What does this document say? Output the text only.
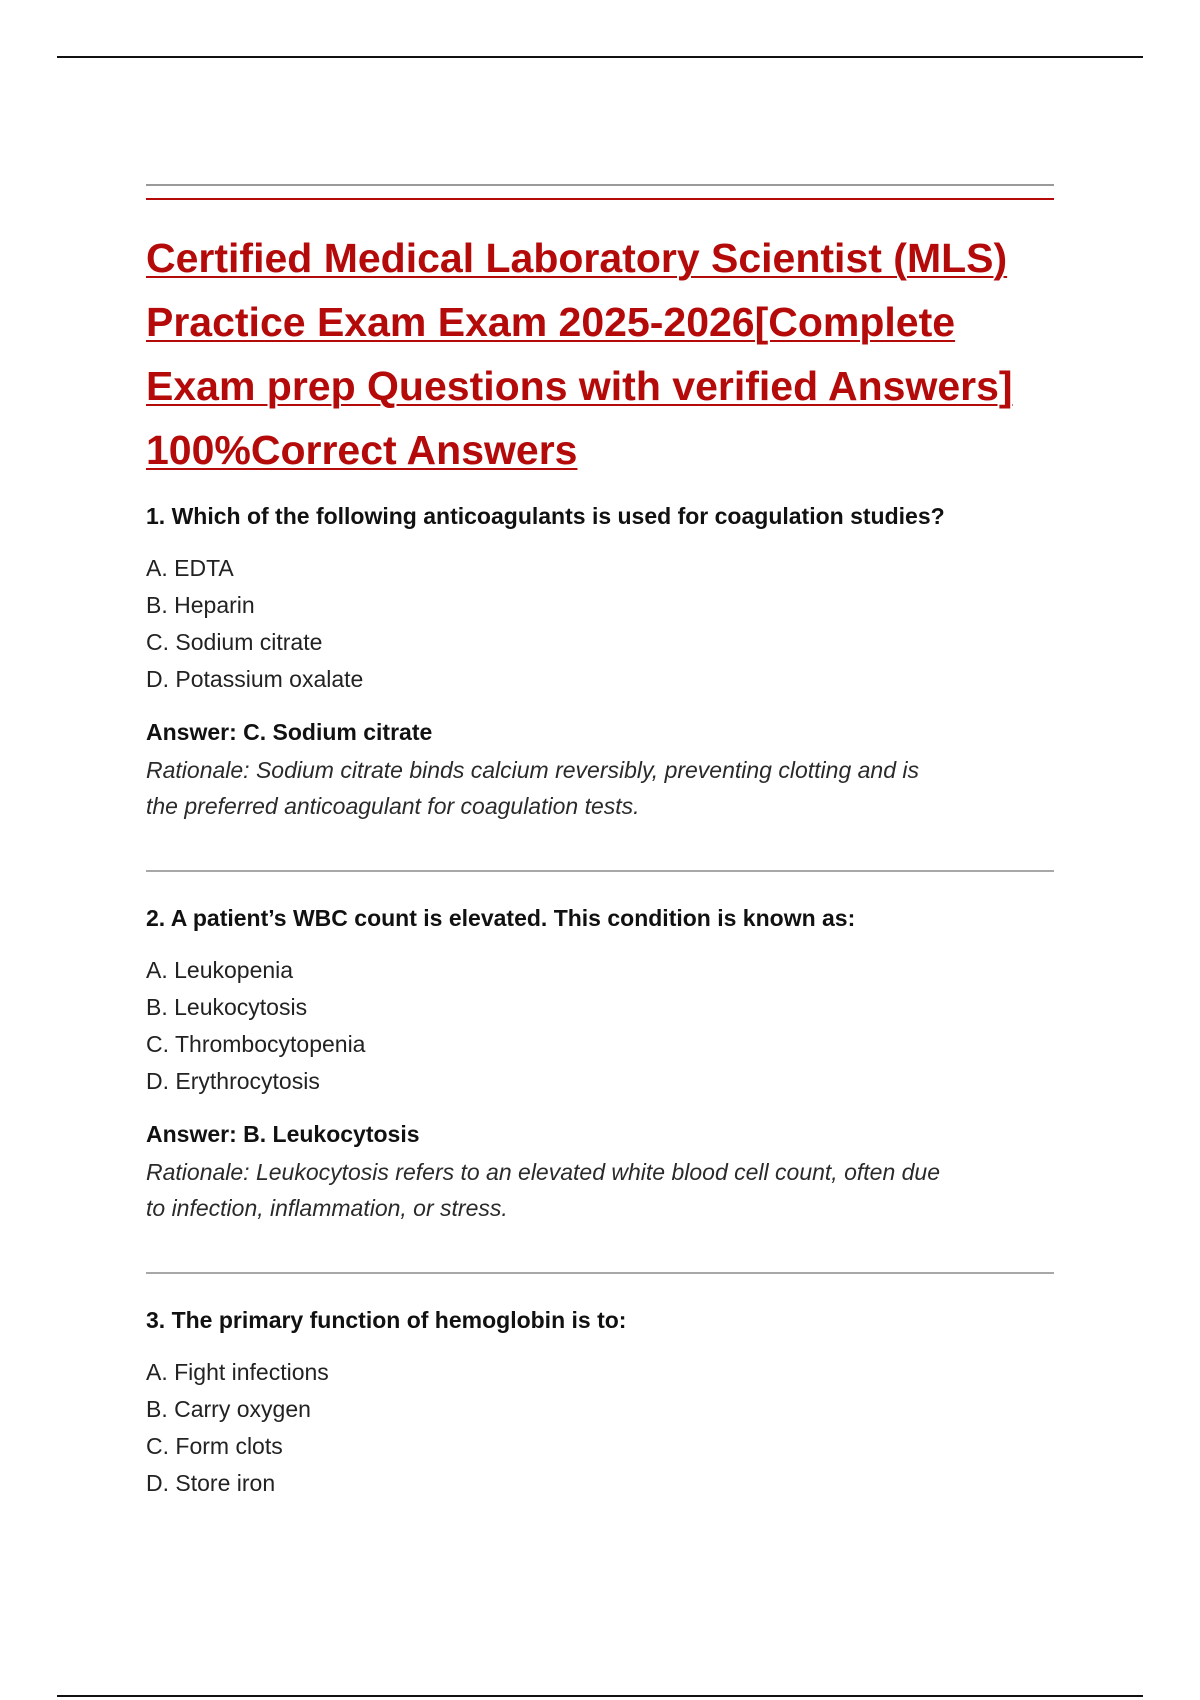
Certified Medical Laboratory Scientist (MLS)
Practice Exam Exam 2025-2026[Complete
Exam prep Questions with verified Answers]
100%Correct Answers

1. Which of the following anticoagulants is used for coagulation studies?

A. EDTA
B. Heparin
C. Sodium citrate
D. Potassium oxalate

Answer: C. Sodium citrate

Rationale: Sodium citrate binds calcium reversibly, preventing clotting and is
the preferred anticoagulant for coagulation tests.

2. A patient’s WBC count is elevated. This condition is known as:

A. Leukopenia
B. Leukocytosis
C. Thrombocytopenia
D. Erythrocytosis

Answer: B. Leukocytosis

Rationale: Leukocytosis refers to an elevated white blood cell count, often due
to infection, inflammation, or stress.

3. The primary function of hemoglobin is to:

A. Fight infections
B. Carry oxygen
C. Form clots
D. Store iron
